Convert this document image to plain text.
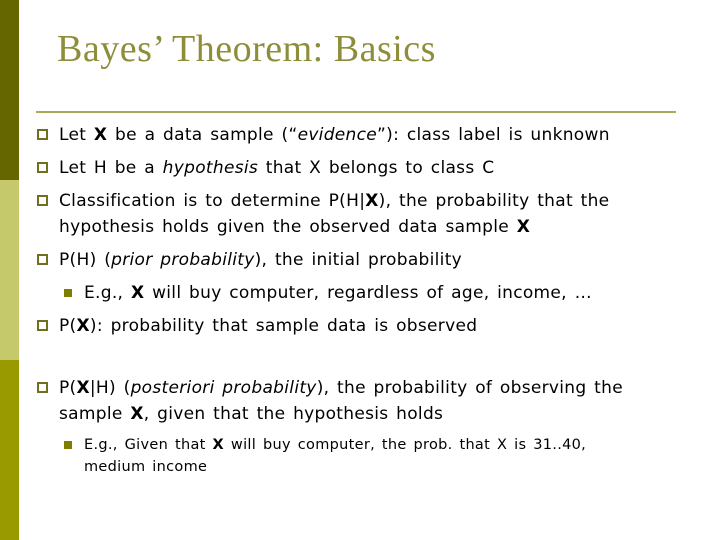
Bayes’ Theorem: Basics
Let X be a data sample (“evidence”): class label is unknown
Let H be a hypothesis that X belongs to class C
Classification is to determine P(H|X), the probability that the
hypothesis holds given the observed data sample X
P(H) (prior probability), the initial probability
E.g., X will buy computer, regardless of age, income, …
P(X): probability that sample data is observed
P(X|H) (posteriori probability), the probability of observing the
sample X, given that the hypothesis holds
E.g., Given that X will buy computer, the prob. that X is 31..40,
medium income
